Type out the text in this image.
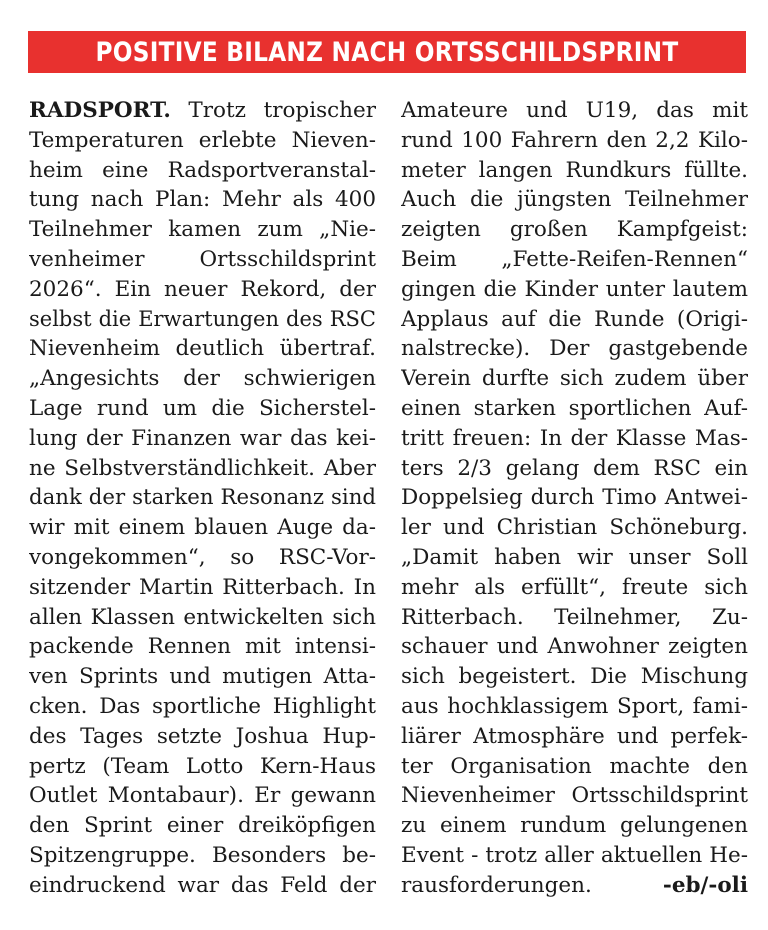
POSITIVE BILANZ NACH ORTSSCHILDSPRINT
RADSPORT. Trotz tropischer
Temperaturen erlebte Nieven-
heim eine Radsportveranstal-
tung nach Plan: Mehr als 400
Teilnehmer kamen zum „Nie-
venheimer Ortsschildsprint
2026“. Ein neuer Rekord, der
selbst die Erwartungen des RSC
Nievenheim deutlich übertraf.
„Angesichts der schwierigen
Lage rund um die Sicherstel-
lung der Finanzen war das kei-
ne Selbstverständlichkeit. Aber
dank der starken Resonanz sind
wir mit einem blauen Auge da-
vongekommen“, so RSC-Vor-
sitzender Martin Ritterbach. In
allen Klassen entwickelten sich
packende Rennen mit intensi-
ven Sprints und mutigen Atta-
cken. Das sportliche Highlight
des Tages setzte Joshua Hup-
pertz (Team Lotto Kern-Haus
Outlet Montabaur). Er gewann
den Sprint einer dreiköpfigen
Spitzengruppe. Besonders be-
eindruckend war das Feld der
Amateure und U19, das mit
rund 100 Fahrern den 2,2 Kilo-
meter langen Rundkurs füllte.
Auch die jüngsten Teilnehmer
zeigten großen Kampfgeist:
Beim „Fette-Reifen-Rennen“
gingen die Kinder unter lautem
Applaus auf die Runde (Origi-
nalstrecke). Der gastgebende
Verein durfte sich zudem über
einen starken sportlichen Auf-
tritt freuen: In der Klasse Mas-
ters 2/3 gelang dem RSC ein
Doppelsieg durch Timo Antwei-
ler und Christian Schöneburg.
„Damit haben wir unser Soll
mehr als erfüllt“, freute sich
Ritterbach. Teilnehmer, Zu-
schauer und Anwohner zeigten
sich begeistert. Die Mischung
aus hochklassigem Sport, fami-
liärer Atmosphäre und perfek-
ter Organisation machte den
Nievenheimer Ortsschildsprint
zu einem rundum gelungenen
Event - trotz aller aktuellen He-
rausforderungen.	-eb/-oli
